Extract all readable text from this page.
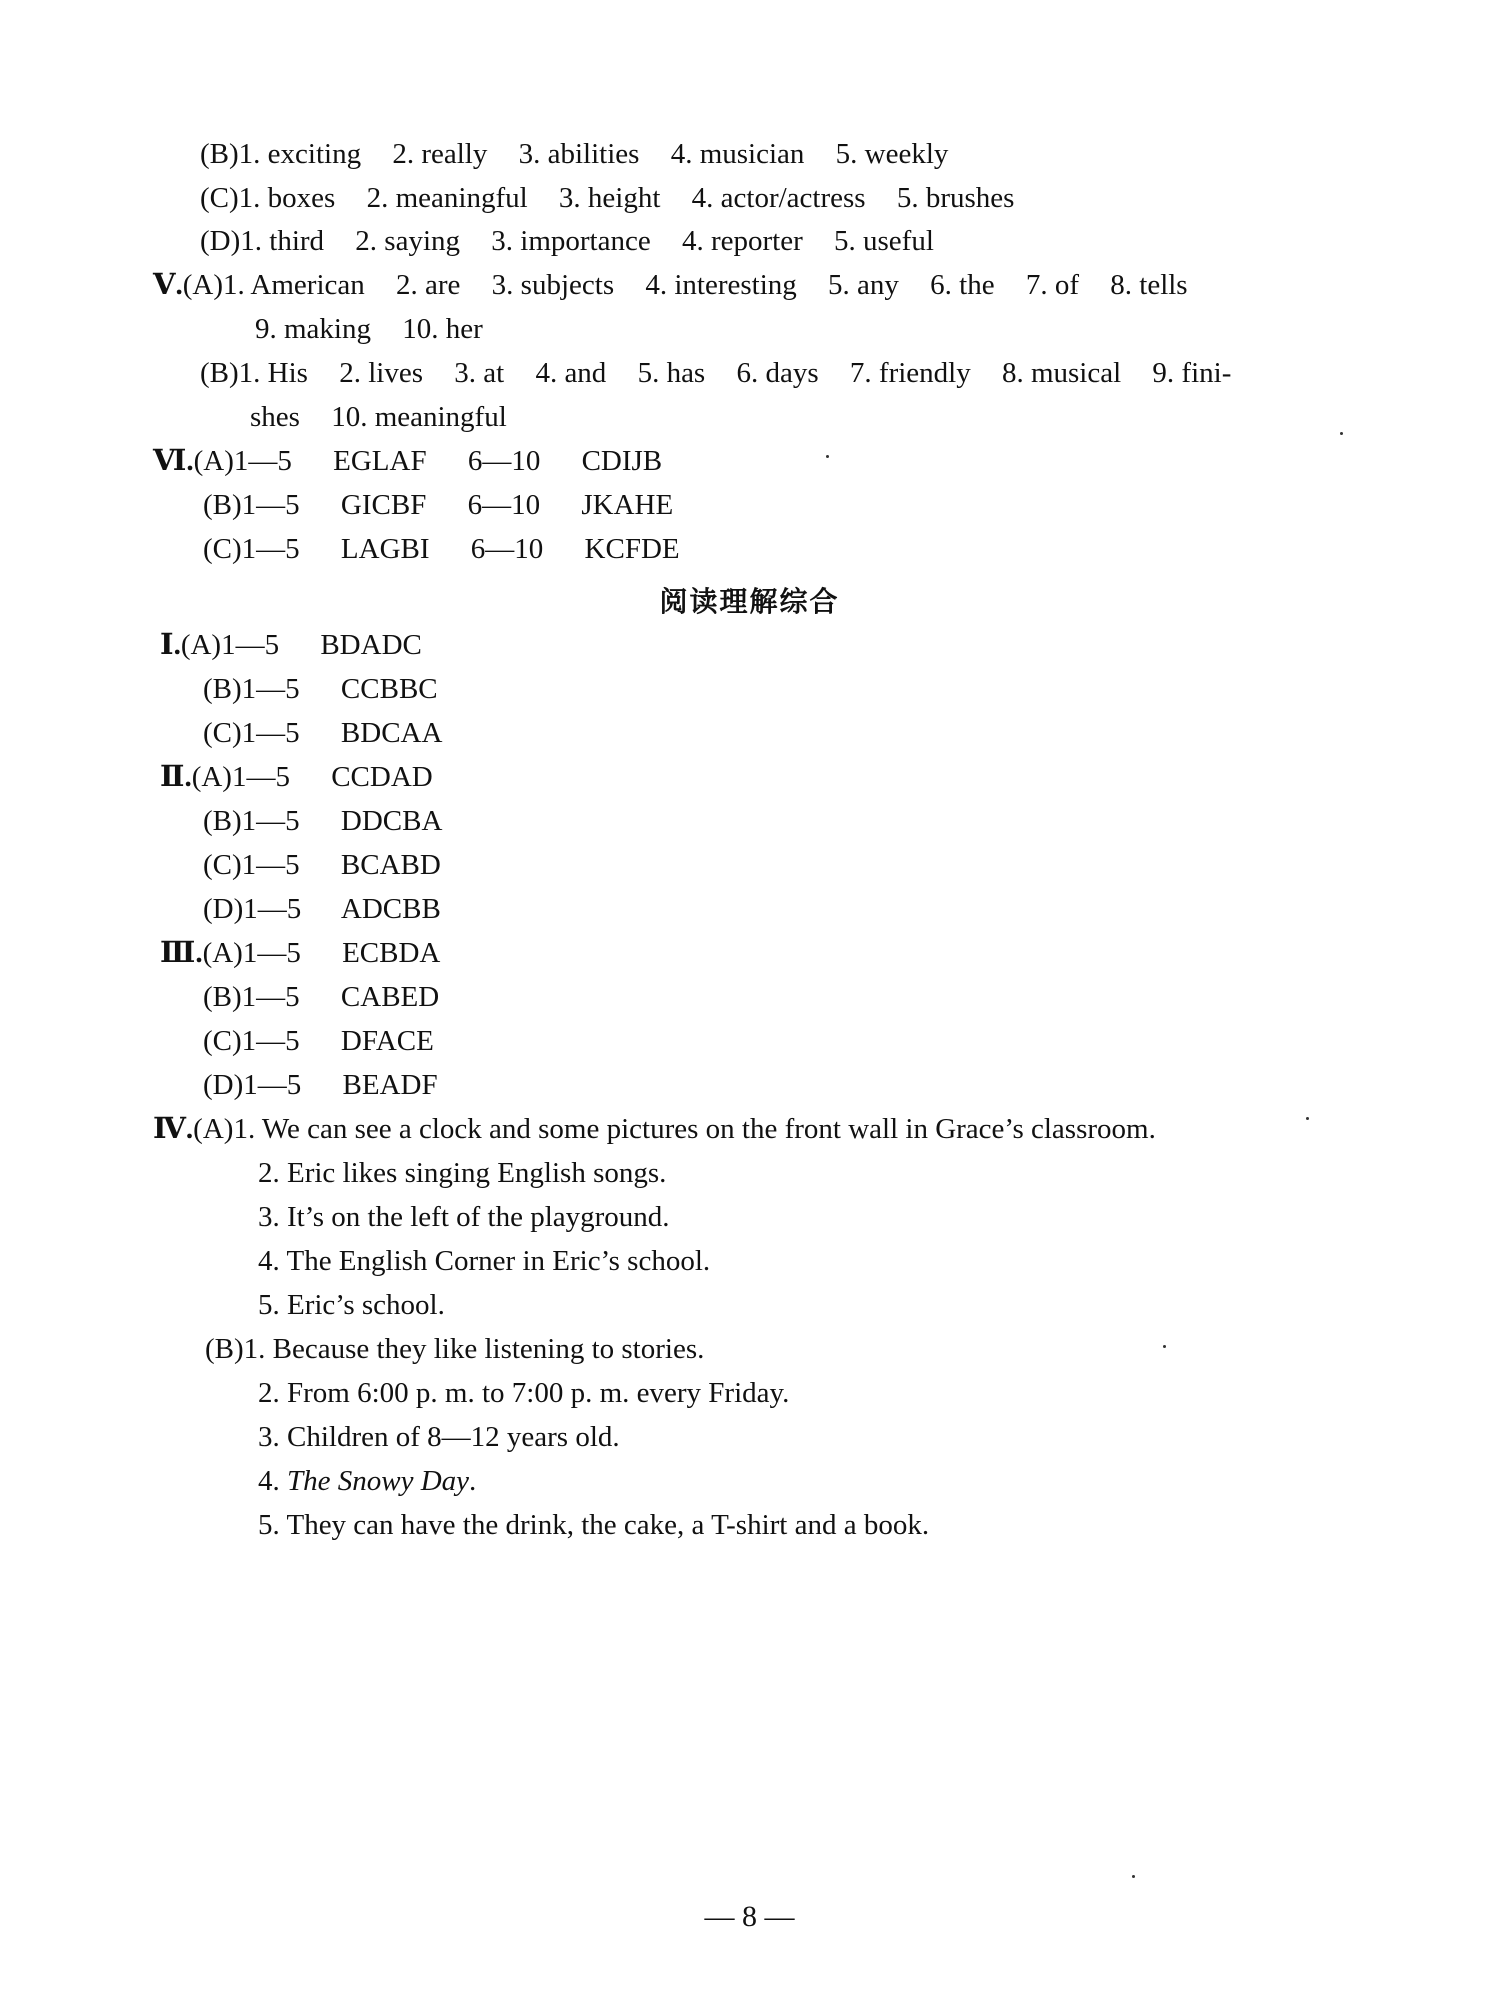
(B)1. exciting 2. really 3. abilities 4. musician 5. weekly
(C)1. boxes 2. meaningful 3. height 4. actor/actress 5. brushes
(D)1. third 2. saying 3. importance 4. reporter 5. useful
Ⅴ.(A)1. American 2. are 3. subjects 4. interesting 5. any 6. the 7. of 8. tells
9. making 10. her
(B)1. His 2. lives 3. at 4. and 5. has 6. days 7. friendly 8. musical 9. fini-
shes 10. meaningful
Ⅵ.(A)1—5 EGLAF 6—10 CDIJB
(B)1—5 GICBF 6—10 JKAHE
(C)1—5 LAGBI 6—10 KCFDE
阅读理解综合
Ⅰ.(A)1—5 BDADC
(B)1—5 CCBBC
(C)1—5 BDCAA
Ⅱ.(A)1—5 CCDAD
(B)1—5 DDCBA
(C)1—5 BCABD
(D)1—5 ADCBB
Ⅲ.(A)1—5 ECBDA
(B)1—5 CABED
(C)1—5 DFACE
(D)1—5 BEADF
Ⅳ.(A)1. We can see a clock and some pictures on the front wall in Grace’s classroom.
2. Eric likes singing English songs.
3. It’s on the left of the playground.
4. The English Corner in Eric’s school.
5. Eric’s school.
(B)1. Because they like listening to stories.
2. From 6:00 p. m. to 7:00 p. m. every Friday.
3. Children of 8—12 years old.
4. The Snowy Day.
5. They can have the drink, the cake, a T-shirt and a book.
— 8 —
